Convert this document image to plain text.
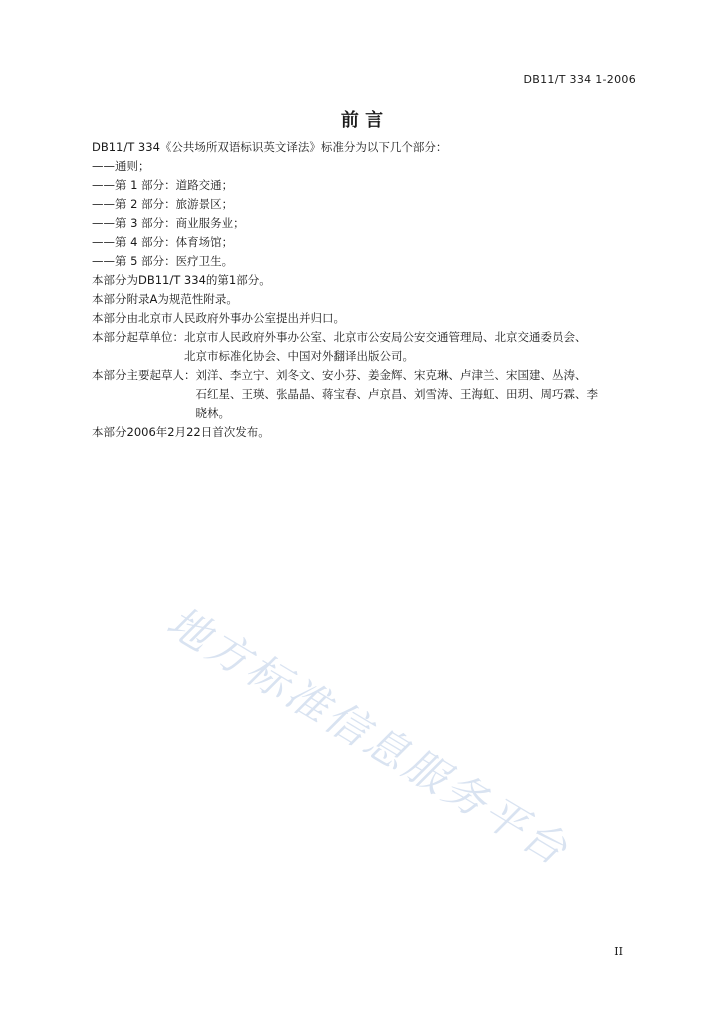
DB11/T 334 1-2006
前 言
DB11/T 334《公共场所双语标识英文译法》标准分为以下几个部分：
——通则；
——第 1 部分：道路交通；
——第 2 部分：旅游景区；
——第 3 部分：商业服务业；
——第 4 部分：体育场馆；
——第 5 部分：医疗卫生。
本部分为DB11/T 334的第1部分。
本部分附录A为规范性附录。
本部分由北京市人民政府外事办公室提出并归口。
本部分起草单位： 北京市人民政府外事办公室、北京市公安局公安交通管理局、北京交通委员会、
北京市标准化协会、中国对外翻译出版公司。
本部分主要起草人： 刘洋、李立宁、刘冬文、安小芬、姜金辉、宋克琳、卢津兰、宋国建、丛涛、
石红星、王瑛、张晶晶、蒋宝春、卢京昌、刘雪涛、王海虹、田玥、周巧霖、李
晓林。
本部分2006年2月22日首次发布。
地方标准信息服务平台
II
